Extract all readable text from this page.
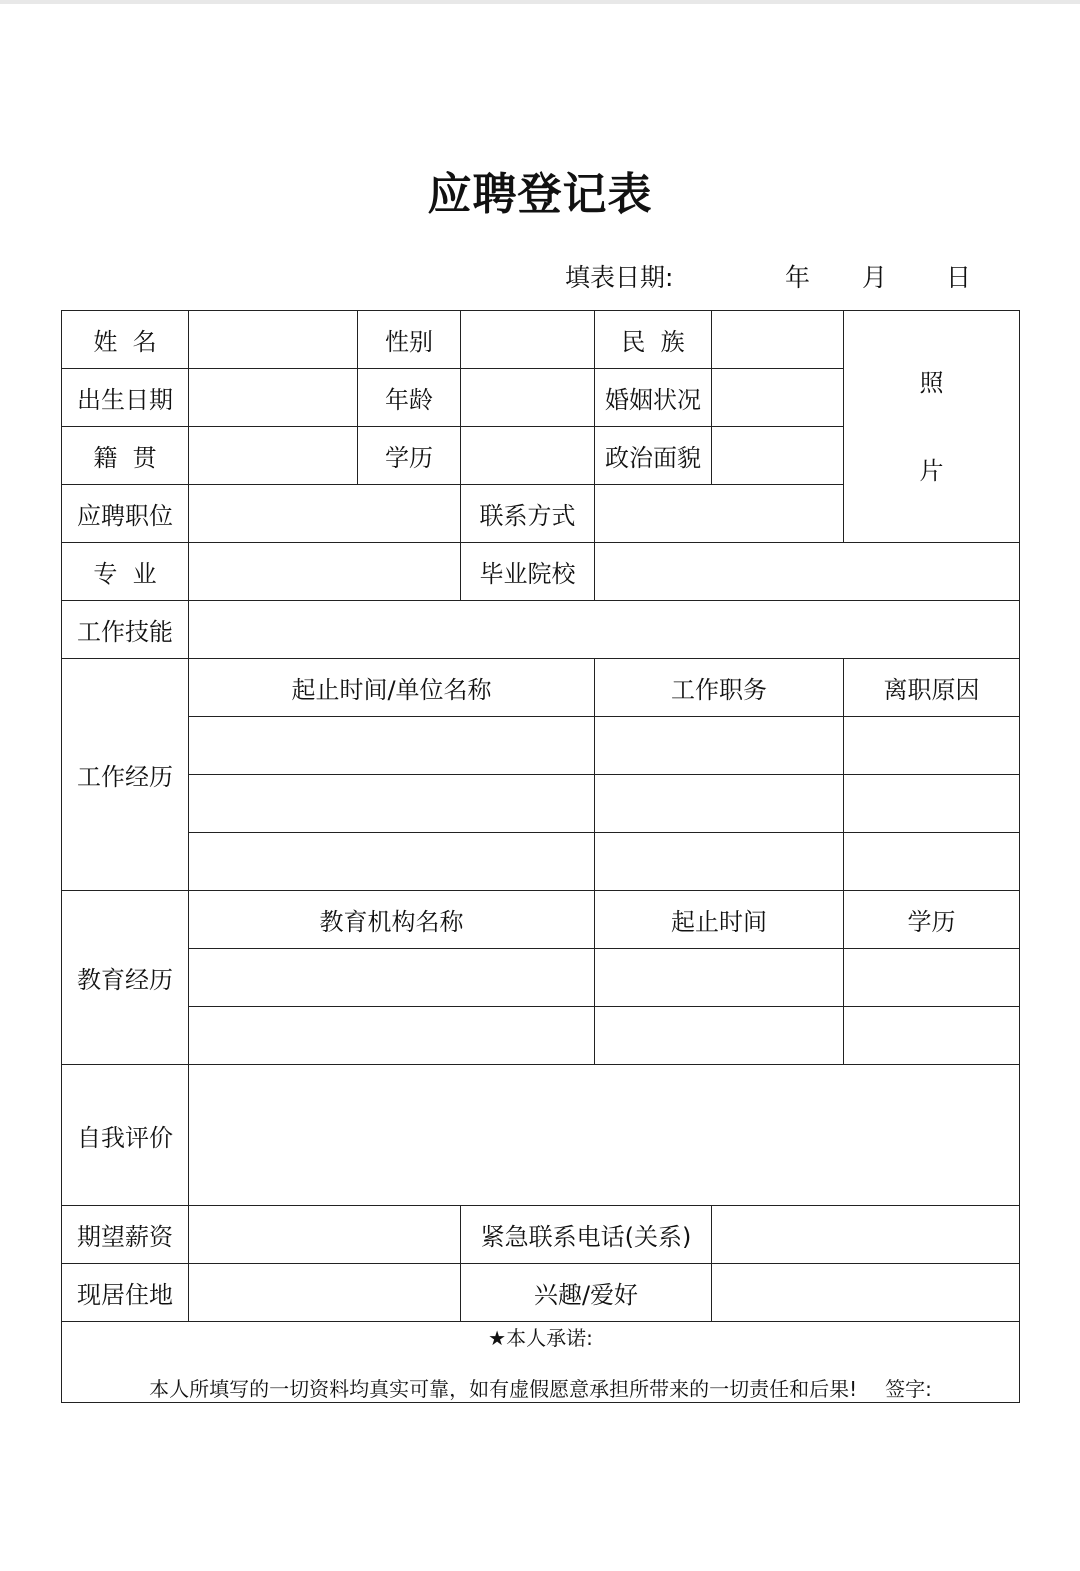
应聘登记表
填表日期:	年 月 日
姓  名		性别		民  族		照
片

出生日期		年龄		婚姻状况		
籍  贯		学历		政治面貌		
应聘职位			联系方式			
专  业			毕业院校			
工作技能						
工作经历	起止时间/单位名称			工作职务		离职原因

教育经历	教育机构名称			起止时间		学历

自我评价						
期望薪资			紧急联系电话(关系)			
现居住地			兴趣/爱好			

★本人承诺:
本人所填写的一切资料均真实可靠，如有虚假愿意承担所带来的一切责任和后果! 签字:						
